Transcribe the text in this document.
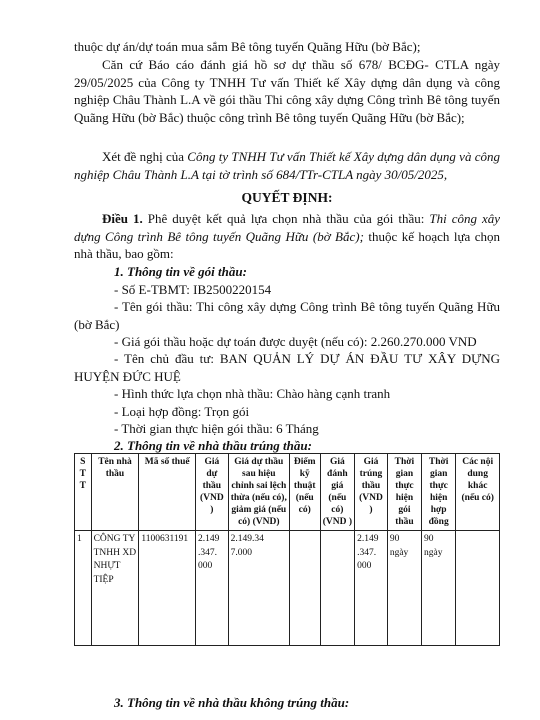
thuộc dự án/dự toán mua sắm Bê tông tuyến Quãng Hữu (bờ Bắc);

Căn cứ Báo cáo đánh giá hồ sơ dự thầu số 678/ BCĐG- CTLA ngày 29/05/2025 của Công ty TNHH Tư vấn Thiết kế Xây dựng dân dụng và công nghiệp Châu Thành L.A về gói thầu Thi công xây dựng Công trình Bê tông tuyến Quãng Hữu (bờ Bắc) thuộc công trình Bê tông tuyến Quãng Hữu (bờ Bắc);

Xét đề nghị của Công ty TNHH Tư vấn Thiết kế Xây dựng dân dụng và công nghiệp Châu Thành L.A tại tờ trình số 684/TTr-CTLA ngày 30/05/2025,

QUYẾT ĐỊNH:

Điều 1. Phê duyệt kết quả lựa chọn nhà thầu của gói thầu: Thi công xây dựng Công trình Bê tông tuyến Quãng Hữu (bờ Bắc); thuộc kế hoạch lựa chọn nhà thầu, bao gồm:

1. Thông tin về gói thầu:

- Số E-TBMT: IB2500220154

- Tên gói thầu: Thi công xây dựng Công trình Bê tông tuyến Quãng Hữu (bờ Bắc)

- Giá gói thầu hoặc dự toán được duyệt (nếu có): 2.260.270.000 VND

- Tên chủ đầu tư: BAN QUẢN LÝ DỰ ÁN ĐẦU TƯ XÂY DỰNG HUYỆN ĐỨC HUỆ

- Hình thức lựa chọn nhà thầu: Chào hàng cạnh tranh

- Loại hợp đồng: Trọn gói

- Thời gian thực hiện gói thầu: 6 Tháng

2. Thông tin về nhà thầu trúng thầu:

S T T	Tên nhà thầu	Mã số thuế	Giá dự thầu (VND )	Giá dự thầu sau hiệu chỉnh sai lệch thừa (nếu có), giảm giá (nếu có) (VND)	Điểm kỹ thuật (nếu có)	Giá đánh giá (nếu có) (VND )	Giá trúng thầu (VND )	Thời gian thực hiện gói thầu	Thời gian thực hiện hợp đồng	Các nội dung khác (nếu có)
1	CÔNG TY TNHH XD NHỰT TIỆP	1100631191	2.149 .347. 000	2.149.34 7.000			2.149 .347. 000	90 ngày	90 ngày	

3. Thông tin về nhà thầu không trúng thầu:
